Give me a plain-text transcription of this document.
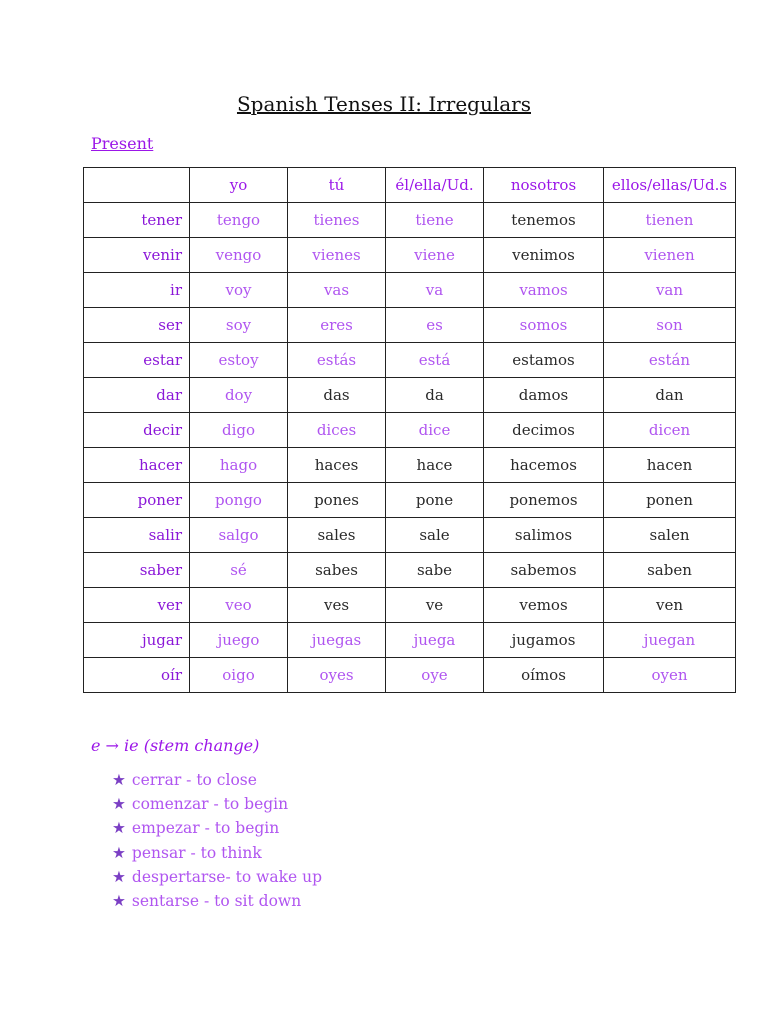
Spanish Tenses II: Irregulars
Present
	yo	tú	él/ella/Ud.	nosotros	ellos/ellas/Ud.s
tener	tengo	tienes	tiene	tenemos	tienen
venir	vengo	vienes	viene	venimos	vienen
ir	voy	vas	va	vamos	van
ser	soy	eres	es	somos	son
estar	estoy	estás	está	estamos	están
dar	doy	das	da	damos	dan
decir	digo	dices	dice	decimos	dicen
hacer	hago	haces	hace	hacemos	hacen
poner	pongo	pones	pone	ponemos	ponen
salir	salgo	sales	sale	salimos	salen
saber	sé	sabes	sabe	sabemos	saben
ver	veo	ves	ve	vemos	ven
jugar	juego	juegas	juega	jugamos	juegan
oír	oigo	oyes	oye	oímos	oyen
e → ie (stem change)
★ cerrar - to close
★ comenzar - to begin
★ empezar - to begin
★ pensar - to think
★ despertarse- to wake up
★ sentarse - to sit down
